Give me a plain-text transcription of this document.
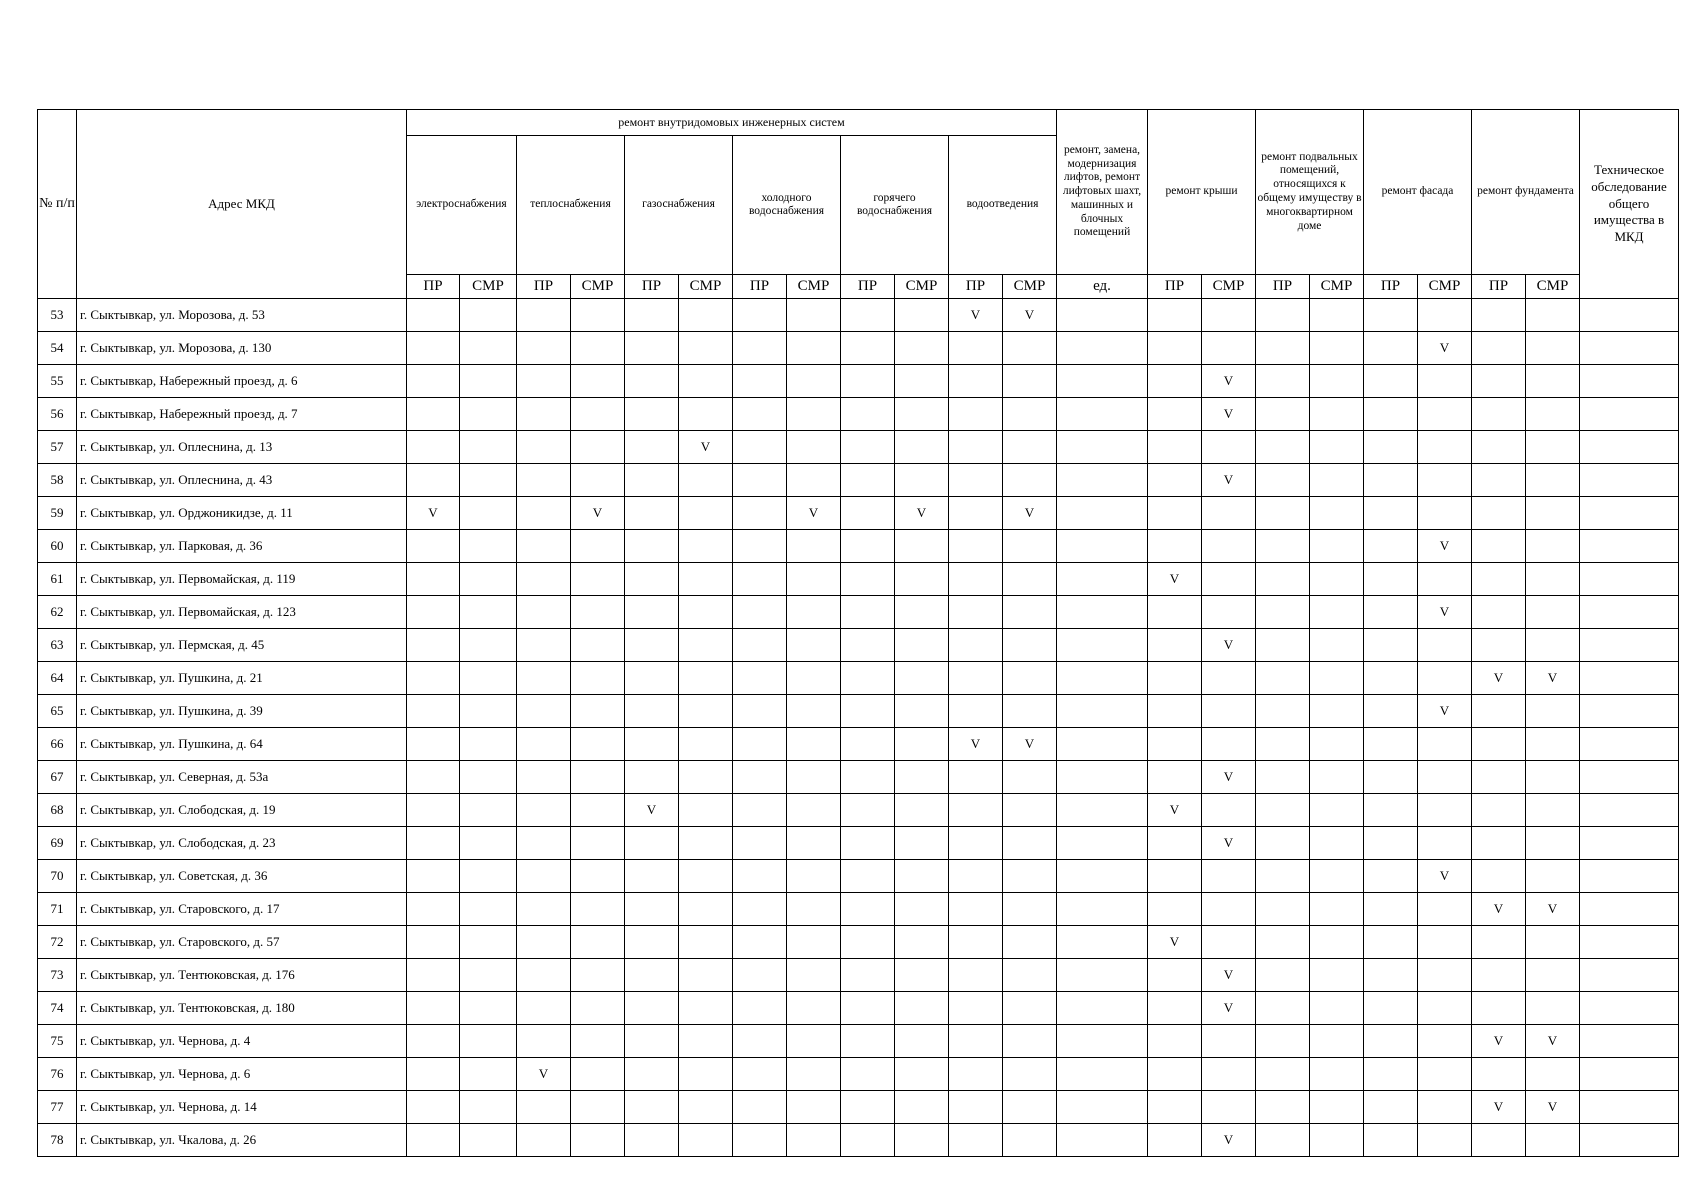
№ п/п	Адрес МКД	ремонт внутридомовых инженерных систем												ремонт, замена, модернизация лифтов, ремонт лифтовых шахт, машинных и блочных помещений	ремонт крыши		ремонт подвальных помещений, относящихся к общему имуществу в многоквартирном доме		ремонт фасада		ремонт фундамента		Техническое обследование общего имущества в МКД
		электроснабжения		теплоснабжения		газоснабжения		холодного водоснабжения		горячего водоснабжения		водоотведения											
		ПР	СМР	ПР	СМР	ПР	СМР	ПР	СМР	ПР	СМР	ПР	СМР	ед.	ПР	СМР	ПР	СМР	ПР	СМР	ПР	СМР	
53	г. Сыктывкар, ул. Морозова, д. 53											V	V										
54	г. Сыктывкар, ул. Морозова, д. 130																			V			
55	г. Сыктывкар, Набережный проезд, д. 6															V							
56	г. Сыктывкар, Набережный проезд, д. 7															V							
57	г. Сыктывкар, ул. Оплеснина, д. 13						V																
58	г. Сыктывкар, ул. Оплеснина, д. 43															V							
59	г. Сыктывкар, ул. Орджоникидзе, д. 11	V			V				V		V		V										
60	г. Сыктывкар, ул. Парковая, д. 36																			V			
61	г. Сыктывкар, ул. Первомайская, д. 119														V								
62	г. Сыктывкар, ул. Первомайская, д. 123																			V			
63	г. Сыктывкар, ул. Пермская, д. 45															V							
64	г. Сыктывкар, ул. Пушкина, д. 21																				V	V	
65	г. Сыктывкар, ул. Пушкина, д. 39																			V			
66	г. Сыктывкар, ул. Пушкина, д. 64											V	V										
67	г. Сыктывкар, ул. Северная, д. 53а															V							
68	г. Сыктывкар, ул. Слободская, д. 19					V									V								
69	г. Сыктывкар, ул. Слободская, д. 23															V							
70	г. Сыктывкар, ул. Советская, д. 36																			V			
71	г. Сыктывкар, ул. Старовского, д. 17																				V	V	
72	г. Сыктывкар, ул. Старовского, д. 57														V								
73	г. Сыктывкар, ул. Тентюковская, д. 176															V							
74	г. Сыктывкар, ул. Тентюковская, д. 180															V							
75	г. Сыктывкар, ул. Чернова, д. 4																				V	V	
76	г. Сыктывкар, ул. Чернова, д. 6			V																			
77	г. Сыктывкар, ул. Чернова, д. 14																				V	V	
78	г. Сыктывкар, ул. Чкалова, д. 26															V							
